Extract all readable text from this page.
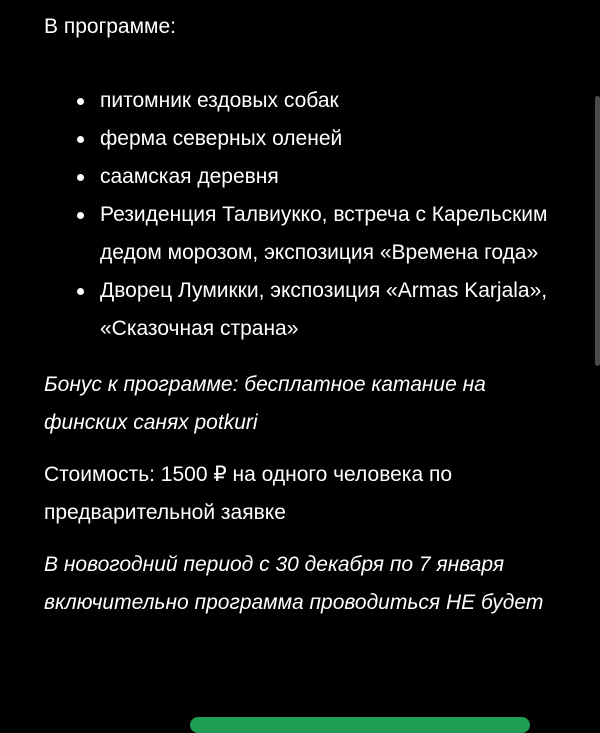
В программе:

питомник ездовых собак
ферма северных оленей
саамская деревня
Резиденция Талвиукко, встреча с Карельским дедом морозом, экспозиция «Времена года»
Дворец Лумикки, экспозиция «Armas Karjala», «Сказочная страна»

Бонус к программе: бесплатное катание на финских санях potkuri

Стоимость: 1500 ₽ на одного человека по предварительной заявке

В новогодний период с 30 декабря по 7 января включительно программа проводиться НЕ будет
